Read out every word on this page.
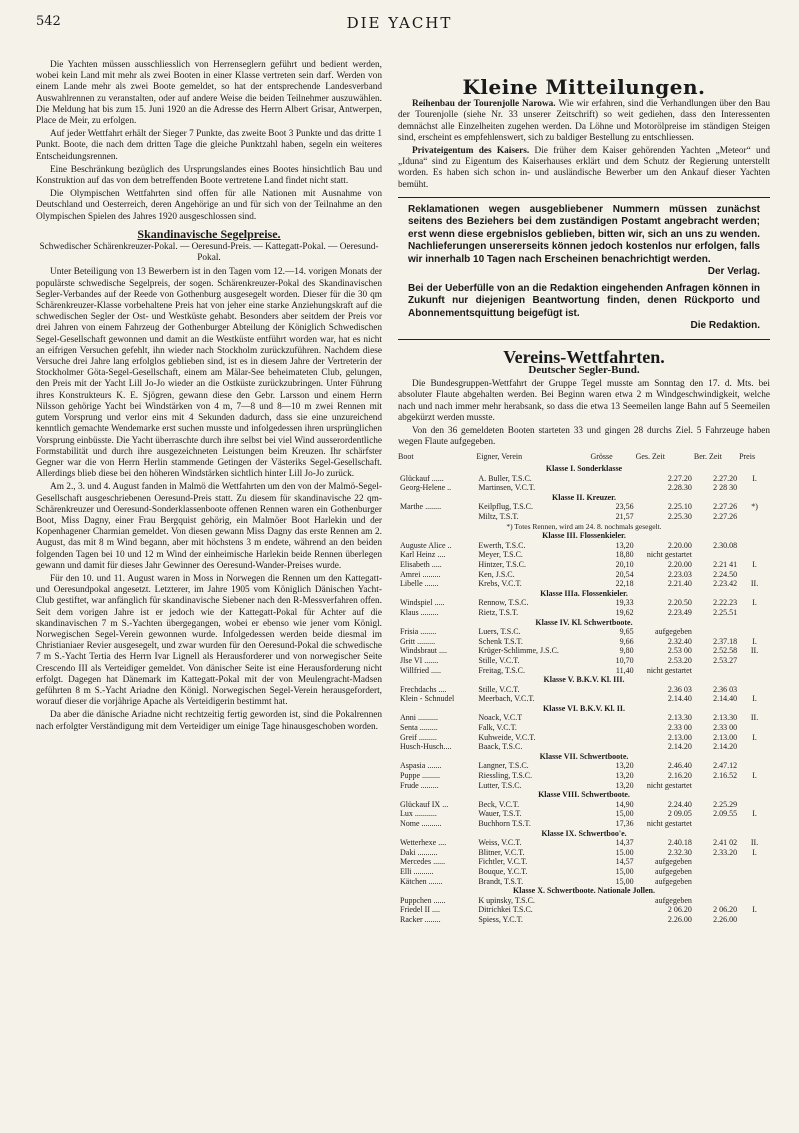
542	DIE YACHT

Die Yachten müssen ausschliesslich von Herrenseglern geführt und bedient werden, wobei kein Land mit mehr als zwei Booten in einer Klasse vertreten sein darf. Werden von einem Lande mehr als zwei Boote gemeldet, so hat der entsprechende Landesverband Auswahlrennen zu veranstalten, oder auf andere Weise die beiden Teilnehmer auszuwählen. Die Meldung hat bis zum 15. Juni 1920 an die Adresse des Herrn Albert Grisar, Antwerpen, Place de Meir, zu erfolgen.

Auf jeder Wettfahrt erhält der Sieger 7 Punkte, das zweite Boot 3 Punkte und das dritte 1 Punkt. Boote, die nach dem dritten Tage die gleiche Punktzahl haben, segeln ein weiteres Entscheidungsrennen.

Eine Beschränkung bezüglich des Ursprungslandes eines Bootes hinsichtlich Bau und Konstruktion auf das von dem betreffenden Boote vertretene Land findet nicht statt.

Die Olympischen Wettfahrten sind offen für alle Nationen mit Ausnahme von Deutschland und Oesterreich, deren Angehörige an und für sich von der Teilnahme an den Olympischen Spielen des Jahres 1920 ausgeschlossen sind.

Skandinavische Segelpreise.

Schwedischer Schärenkreuzer-Pokal. — Oeresund-Preis. — Kattegatt-Pokal. — Oeresund-Pokal.

Unter Beteiligung von 13 Bewerbern ist in den Tagen vom 12.—14. vorigen Monats der populärste schwedische Segelpreis, der sogen. Schärenkreuzer-Pokal des Skandinavischen Segler-Verbandes auf der Reede von Gothenburg ausgesegelt worden. Dieser für die 30 qm Schärenkreuzer-Klasse vorbehaltene Preis hat von jeher eine starke Anziehungskraft auf die schwedischen Segler der Ost- und Westküste gehabt. Besonders aber seitdem der Preis vor drei Jahren von einem Fahrzeug der Gothenburger Abteilung der Königlich Schwedischen Segel-Gesellschaft gewonnen und damit an die Westküste entführt worden war, hat es nicht an eifrigen Versuchen gefehlt, ihn wieder nach Stockholm zurückzuführen. Nachdem diese Versuche drei Jahre lang erfolglos geblieben sind, ist es in diesem Jahre der Vertreterin der Stockholmer Göta-Segel-Gesellschaft, einem am Mälar-See beheimateten Club, gelungen, den Preis mit der Yacht Lill Jo-Jo wieder an die Ostküste zurückzubringen. Unter Führung ihres Konstrukteurs K. E. Sjögren, gewann diese den Gebr. Larsson und einem Herrn Nilsson gehörige Yacht bei Windstärken von 4 m, 7—8 und 8—10 m zwei Rennen mit gutem Vorsprung und verlor eins mit 4 Sekunden dadurch, dass sie eine unzureichend kenntlich gemachte Wendemarke erst suchen musste und infolgedessen ihren ursprünglichen Vorsprung einbüsste. Die Yacht überraschte durch ihre selbst bei viel Wind ausserordentliche Formstabilität und durch ihre ausgezeichneten Leistungen beim Kreuzen. Ihr schärfster Gegner war die von Herrn Herlin stammende Getingen der Västeriks Segel-Gesellschaft. Allerdings blieb diese bei den höheren Windstärken sichtlich hinter Lill Jo-Jo zurück.

Am 2., 3. und 4. August fanden in Malmö die Wettfahrten um den von der Malmö-Segel-Gesellschaft ausgeschriebenen Oeresund-Preis statt. Zu diesem für skandinavische 22 qm-Schärenkreuzer und Oeresund-Sonderklassenboote offenen Rennen waren ein Gothenburger Boot, Miss Dagny, einer Frau Bergquist gehörig, ein Malmöer Boot Harlekin und der Kopenhagener Charmian gemeldet. Von diesen gewann Miss Dagny das erste Rennen am 2. August, das mit 8 m Wind begann, aber mit höchstens 3 m endete, während an den beiden folgenden Tagen bei 10 und 12 m Wind der einheimische Harlekin beide Rennen überlegen gewann und damit für dieses Jahr Gewinner des Oeresund-Wander-Preises wurde.

Für den 10. und 11. August waren in Moss in Norwegen die Rennen um den Kattegatt- und Oeresundpokal angesetzt. Letzterer, im Jahre 1905 vom Königlich Dänischen Yacht-Club gestiftet, war anfänglich für skandinavische Siebener nach den R-Messverfahren offen. Seit dem vorigen Jahre ist er jedoch wie der Kattegatt-Pokal für Achter auf die skandinavischen 7 m S.-Yachten übergegangen, wobei er ebenso wie jener vom Königl. Norwegischen Segel-Verein gewonnen wurde. Infolgedessen werden beide diesmal im Christianiaer Revier ausgesegelt, und zwar wurden für den Oeresund-Pokal die schwedische 7 m S.-Yacht Tertia des Herrn Ivar Lignell als Herausforderer und von norwegischer Seite Crescendo III als Verteidiger gemeldet. Von dänischer Seite ist eine Herausforderung nicht erfolgt. Dagegen hat Dänemark im Kattegatt-Pokal mit der von Meulengracht-Madsen geführten 8 m S.-Yacht Ariadne den Königl. Norwegischen Segel-Verein herausgefordert, worauf dieser die vorjährige Apache als Verteidigerin bestimmt hat.

Da aber die dänische Ariadne nicht rechtzeitig fertig geworden ist, sind die Pokalrennen nach erfolgter Verständigung mit dem Verteidiger um einige Tage hinausgeschoben worden.

Kleine Mitteilungen.

Reihenbau der Tourenjolle Narowa. Wie wir erfahren, sind die Verhandlungen über den Bau der Tourenjolle (siehe Nr. 33 unserer Zeitschrift) so weit gediehen, dass den Interessenten demnächst alle Einzelheiten zugehen werden. Da Löhne und Motorölpreise im ständigen Steigen sind, erscheint es empfehlenswert, sich zu baldiger Bestellung zu entschliessen.

Privateigentum des Kaisers. Die früher dem Kaiser gehörenden Yachten „Meteor“ und „Iduna“ sind zu Eigentum des Kaiserhauses erklärt und dem Schutz der Regierung unterstellt worden. Es haben sich schon in- und ausländische Bewerber um den Ankauf dieser Yachten bemüht.

Reklamationen wegen ausgebliebener Nummern müssen zunächst seitens des Beziehers bei dem zuständigen Postamt angebracht werden; erst wenn diese ergebnislos geblieben, bitten wir, sich an uns zu wenden. Nachlieferungen unsererseits können jedoch kostenlos nur erfolgen, falls wir innerhalb 10 Tagen nach Erscheinen benachrichtigt werden.
Der Verlag.
Bei der Ueberfülle von an die Redaktion eingehenden Anfragen können in Zukunft nur diejenigen Beantwortung finden, denen Rückporto und Abonnementsquittung beigefügt ist.
Die Redaktion.
Vereins-Wettfahrten.
Deutscher Segler-Bund.

Die Bundesgruppen-Wettfahrt der Gruppe Tegel musste am Sonntag den 17. d. Mts. bei absoluter Flaute abgehalten werden. Bei Beginn waren etwa 2 m Windgeschwindigkeit, welche nach und nach immer mehr herabsank, so dass die etwa 13 Seemeilen lange Bahn auf 5 Seemeilen abgekürzt werden musste.

Von den 36 gemeldeten Booten starteten 33 und gingen 28 durchs Ziel. 5 Fahrzeuge haben wegen Flaute aufgegeben.

Boot	Eigner, Verein	Grösse	Ges. Zeit	Ber. Zeit	Preis
Klasse I. Sonderklasse					
Glückauf ......	A. Buller, T.S.C.		2.27.20	2.27.20	I.
Georg-Helene ..	Martinsen, V.C.T.		2.28.30	2 28 30	
Klasse II. Kreuzer.					
Marthe ........	Keilpflug, T.S.C.	23,56	2.25.10	2.27.26	*)
	Miltz, T.S.T.	21,57	2.25.30	2.27.26	
*) Totes Rennen, wird am 24. 8. nochmals gesegelt.					
Klasse III. Flossenkieler.					
Auguste Alice ..	Ewerth, T.S.C.	13,20	2.20.00	2.30.08	
Karl Heinz ....	Meyer, T.S.C.	18,80	nicht gestartet		
Elisabeth .....	Hintzer, T.S.C.	20,10	2.20.00	2.21 41	I.
Amrei .........	Ken, J.S.C.	20,54	2.23.03	2.24.50	
Libelle .......	Krebs, V.C.T.	22,18	2.21.40	2.23.42	II.
Klasse IIIa. Flossenkieler.					
Windspiel .....	Rennow, T.S.C.	19,33	2.20.50	2.22.23	I.
Klaus .........	Rietz, T.S.T.	19,62	2.23.49	2.25.51	
Klasse IV. Kl. Schwertboote.					
Frisia ........	Luers, T.S.C.	9,65	aufgegeben		
Gritt .........	Schenk T.S.T.	9,66	2.32.40	2.37.18	I.
Windsbraut ....	Krüger-Schlimme, J.S.C.	9,80	2.53 00	2.52.58	II.
Jlse VI .......	Stille, V.C.T.	10,70	2.53.20	2.53.27	
Willfried .....	Freitag, T.S.C.	11,40	nicht gestartet		
Klasse V. B.K.V. Kl. III.					
Frechdachs ....	Stille, V.C.T.		2.36 03	2.36 03	
Klein - Schnudel	Meerbach, V.C.T.		2.14.40	2.14.40	I.
Klasse VI. B.K.V. Kl. II.					
Anni ..........	Noack, V.C.T		2.13.30	2.13.30	II.
Senta .........	Falk, V.C.T.		2.33 00	2.33 00	
Greif .........	Kuhweide, V.C.T.		2.13.00	2.13.00	I.
Husch-Husch....	Baack, T.S.C.		2.14.20	2.14.20	
Klasse VII. Schwertboote.					
Aspasia .......	Langner, T.S.C.	13,20	2.46.40	2.47.12	
Puppe .........	Riessling, T.S.C.	13,20	2.16.20	2.16.52	I.
Frude .........	Lutter, T.S.C.	13,20	nicht gestartet		
Klasse VIII. Schwertboote.					
Glückauf IX ...	Beck, V.C.T.	14,90	2.24.40	2.25.29	
Lux ...........	Wauer, T.S.T.	15,00	2 09.05	2.09.55	I.
Nome ..........	Buchhorn T.S.T.	17,36	nicht gestartet		
Klasse IX. Schwertboo'e.					
Wetterhexe ....	Weiss, V.C.T.	14,37	2.40.18	2.41 02	II.
Daki ..........	Blitner, V.C.T.	15.00	2.32.30	2.33.20	I.
Mercedes ......	Fichtler, V.C.T.	14,57	aufgegeben		
Elli ..........	Bouque, Y.C.T.	15,00	aufgegeben		
Kätchen .......	Brandt, T.S.T.	15,00	aufgegeben		
Klasse X. Schwertboote. Nationale Jollen.					
Puppchen ......	K upinsky, T.S.C.		aufgegeben		
Friedel II ....	Ditrichkei T.S.C.		2 06.20	2 06.20	I.
Racker ........	Spiess, Y.C.T.		2.26.00	2.26.00	
